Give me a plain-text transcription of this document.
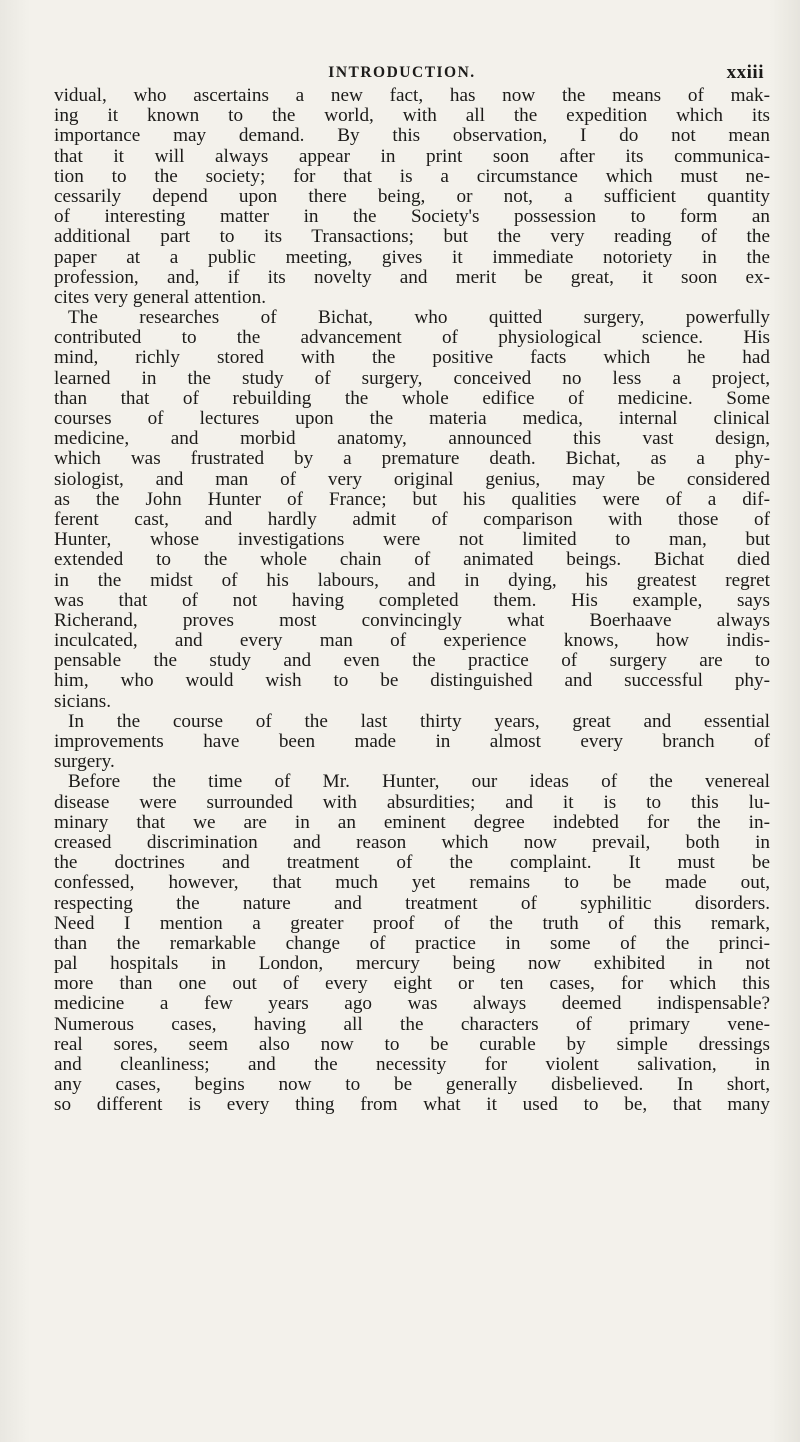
INTRODUCTION.	xxiii
vidual, who ascertains a new fact, has now the means of mak-
ing it known to the world, with all the expedition which its
importance may demand. By this observation, I do not mean
that it will always appear in print soon after its communica-
tion to the society; for that is a circumstance which must ne-
cessarily depend upon there being, or not, a sufficient quantity
of interesting matter in the Society's possession to form an
additional part to its Transactions; but the very reading of the
paper at a public meeting, gives it immediate notoriety in the
profession, and, if its novelty and merit be great, it soon ex-
cites very general attention.
The researches of Bichat, who quitted surgery, powerfully
contributed to the advancement of physiological science. His
mind, richly stored with the positive facts which he had
learned in the study of surgery, conceived no less a project,
than that of rebuilding the whole edifice of medicine. Some
courses of lectures upon the materia medica, internal clinical
medicine, and morbid anatomy, announced this vast design,
which was frustrated by a premature death. Bichat, as a phy-
siologist, and man of very original genius, may be considered
as the John Hunter of France; but his qualities were of a dif-
ferent cast, and hardly admit of comparison with those of
Hunter, whose investigations were not limited to man, but
extended to the whole chain of animated beings. Bichat died
in the midst of his labours, and in dying, his greatest regret
was that of not having completed them. His example, says
Richerand, proves most convincingly what Boerhaave always
inculcated, and every man of experience knows, how indis-
pensable the study and even the practice of surgery are to
him, who would wish to be distinguished and successful phy-
sicians.
In the course of the last thirty years, great and essential
improvements have been made in almost every branch of
surgery.
Before the time of Mr. Hunter, our ideas of the venereal
disease were surrounded with absurdities; and it is to this lu-
minary that we are in an eminent degree indebted for the in-
creased discrimination and reason which now prevail, both in
the doctrines and treatment of the complaint. It must be
confessed, however, that much yet remains to be made out,
respecting the nature and treatment of syphilitic disorders.
Need I mention a greater proof of the truth of this remark,
than the remarkable change of practice in some of the princi-
pal hospitals in London, mercury being now exhibited in not
more than one out of every eight or ten cases, for which this
medicine a few years ago was always deemed indispensable?
Numerous cases, having all the characters of primary vene-
real sores, seem also now to be curable by simple dressings
and cleanliness; and the necessity for violent salivation, in
any cases, begins now to be generally disbelieved. In short,
so different is every thing from what it used to be, that many
